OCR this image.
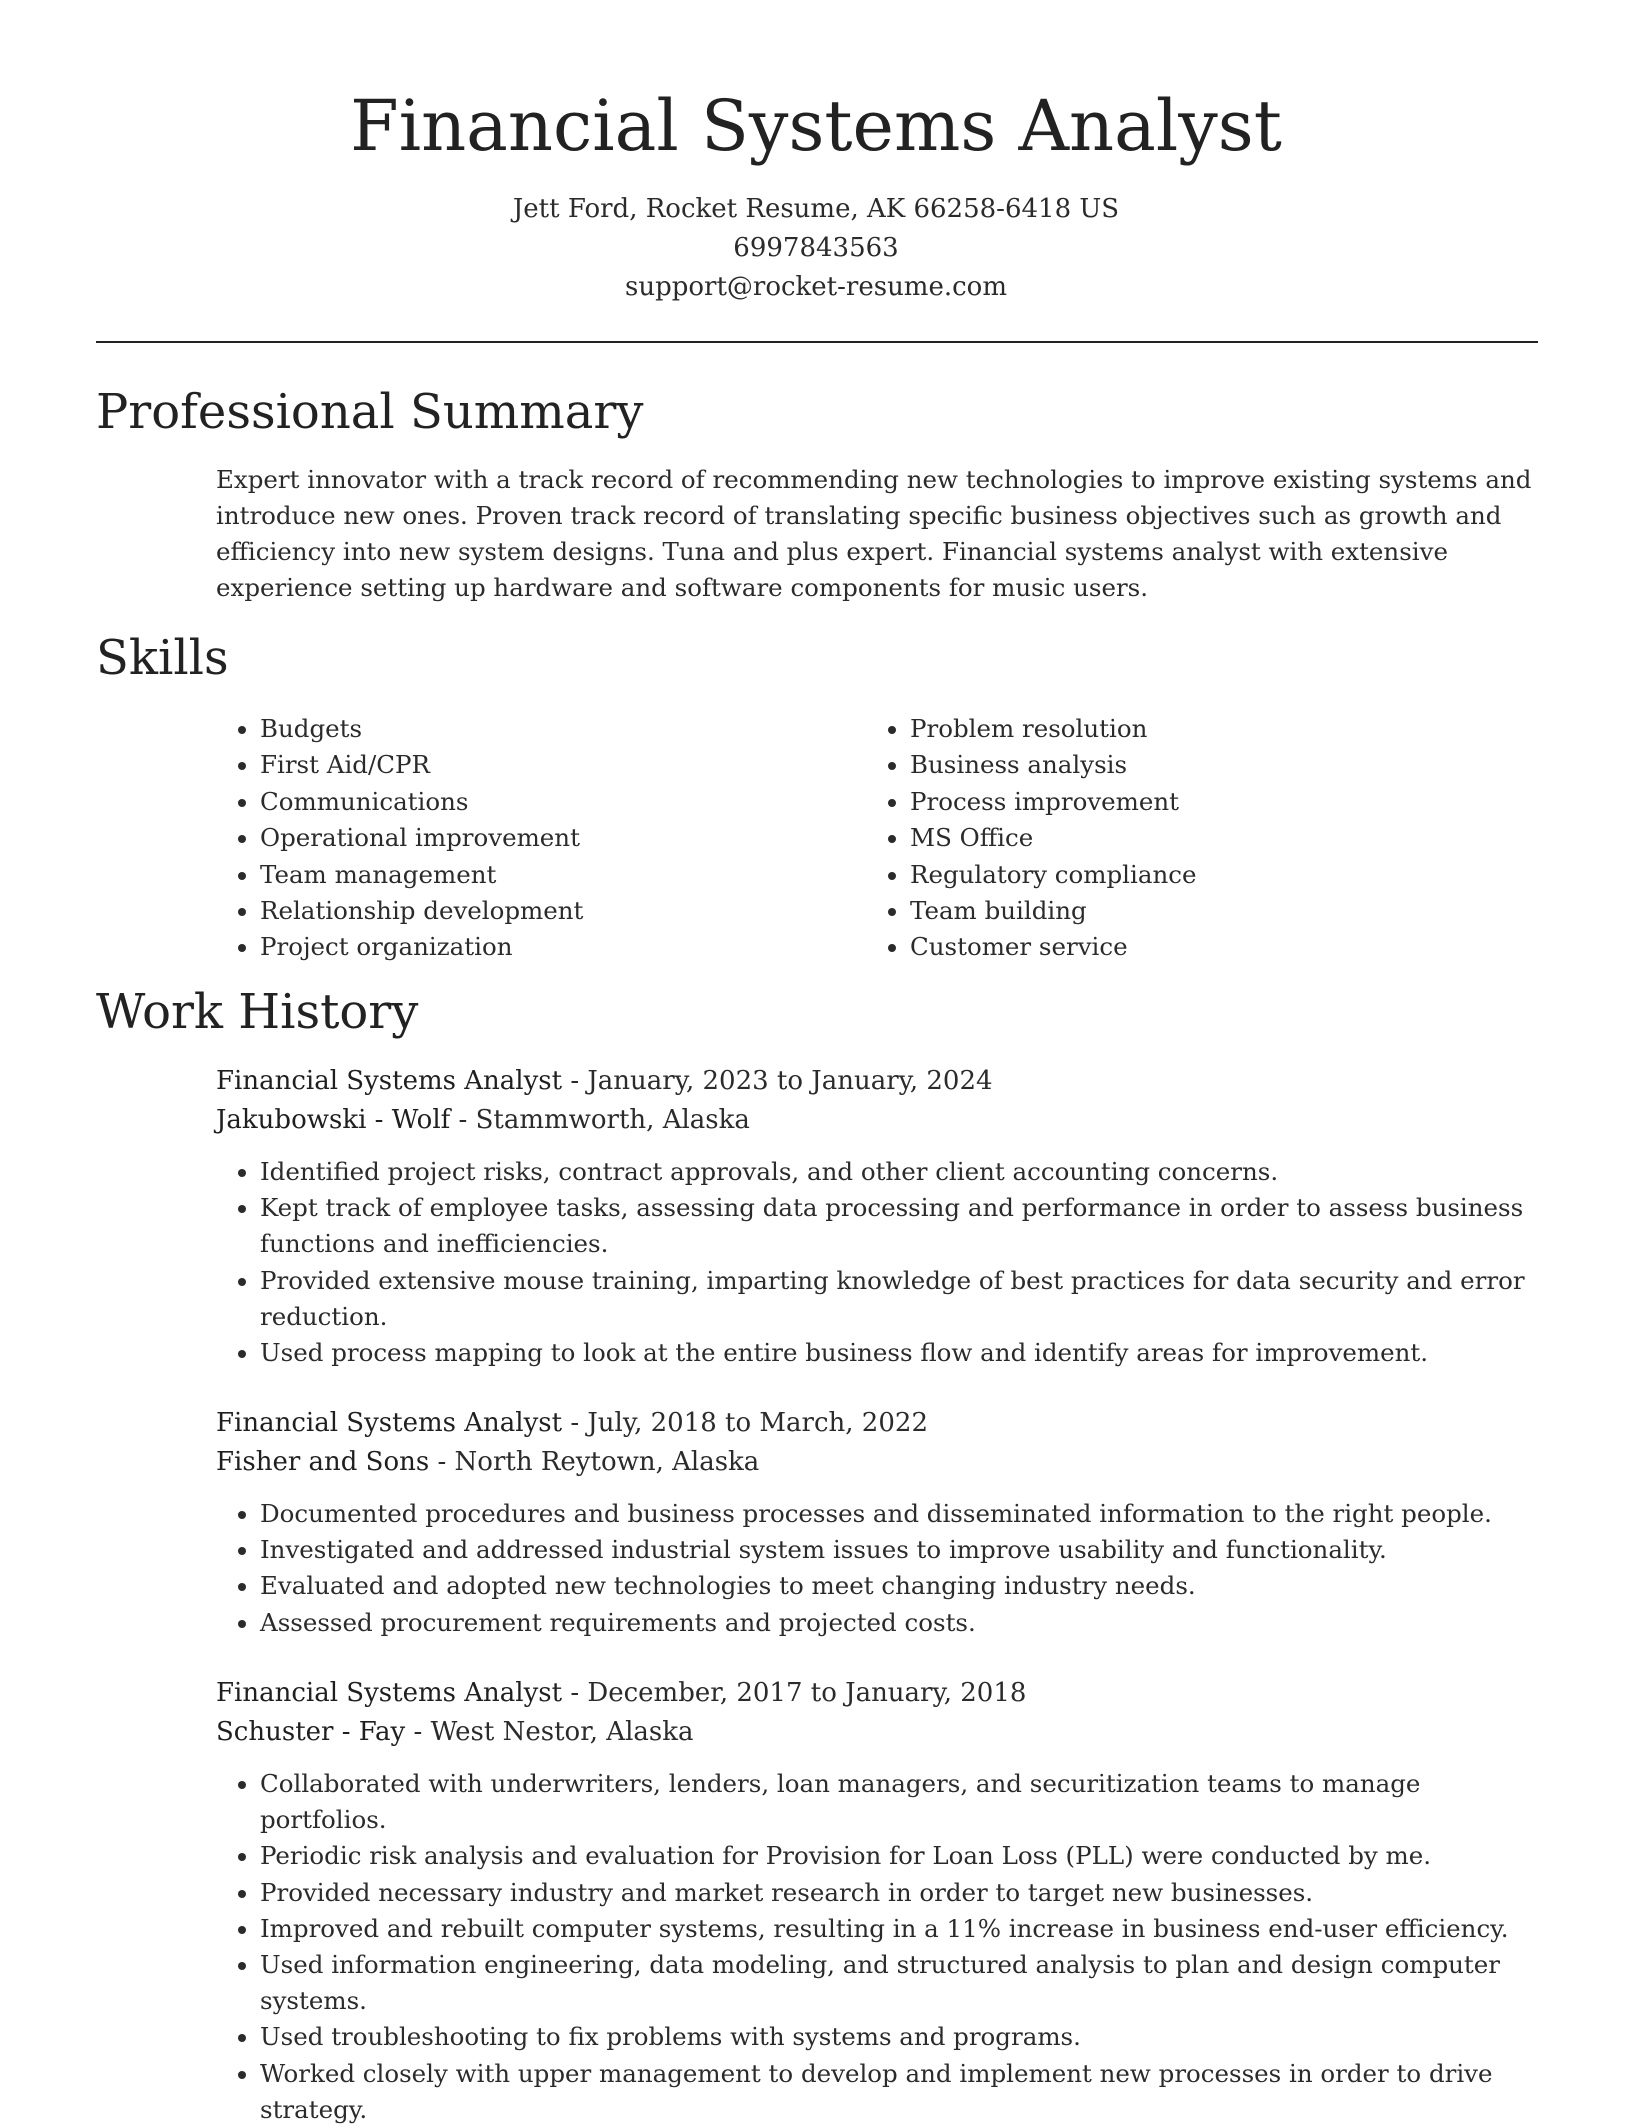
Financial Systems Analyst
Jett Ford, Rocket Resume, AK 66258-6418 US
6997843563
support@rocket-resume.com
Professional Summary

Expert innovator with a track record of recommending new technologies to improve existing systems and introduce new ones. Proven track record of translating specific business objectives such as growth and efficiency into new system designs. Tuna and plus expert. Financial systems analyst with extensive experience setting up hardware and software components for music users.

Skills
• Budgets
• First Aid/CPR
• Communications
• Operational improvement
• Team management
• Relationship development
• Project organization
• Problem resolution
• Business analysis
• Process improvement
• MS Office
• Regulatory compliance
• Team building
• Customer service
Work History
Financial Systems Analyst - January, 2023 to January, 2024
Jakubowski - Wolf - Stammworth, Alaska
• Identified project risks, contract approvals, and other client accounting concerns.
• Kept track of employee tasks, assessing data processing and performance in order to assess business functions and inefficiencies.
• Provided extensive mouse training, imparting knowledge of best practices for data security and error reduction.
• Used process mapping to look at the entire business flow and identify areas for improvement.
Financial Systems Analyst - July, 2018 to March, 2022
Fisher and Sons - North Reytown, Alaska
• Documented procedures and business processes and disseminated information to the right people.
• Investigated and addressed industrial system issues to improve usability and functionality.
• Evaluated and adopted new technologies to meet changing industry needs.
• Assessed procurement requirements and projected costs.
Financial Systems Analyst - December, 2017 to January, 2018
Schuster - Fay - West Nestor, Alaska
• Collaborated with underwriters, lenders, loan managers, and securitization teams to manage portfolios.
• Periodic risk analysis and evaluation for Provision for Loan Loss (PLL) were conducted by me.
• Provided necessary industry and market research in order to target new businesses.
• Improved and rebuilt computer systems, resulting in a 11% increase in business end-user efficiency.
• Used information engineering, data modeling, and structured analysis to plan and design computer systems.
• Used troubleshooting to fix problems with systems and programs.
• Worked closely with upper management to develop and implement new processes in order to drive strategy.
